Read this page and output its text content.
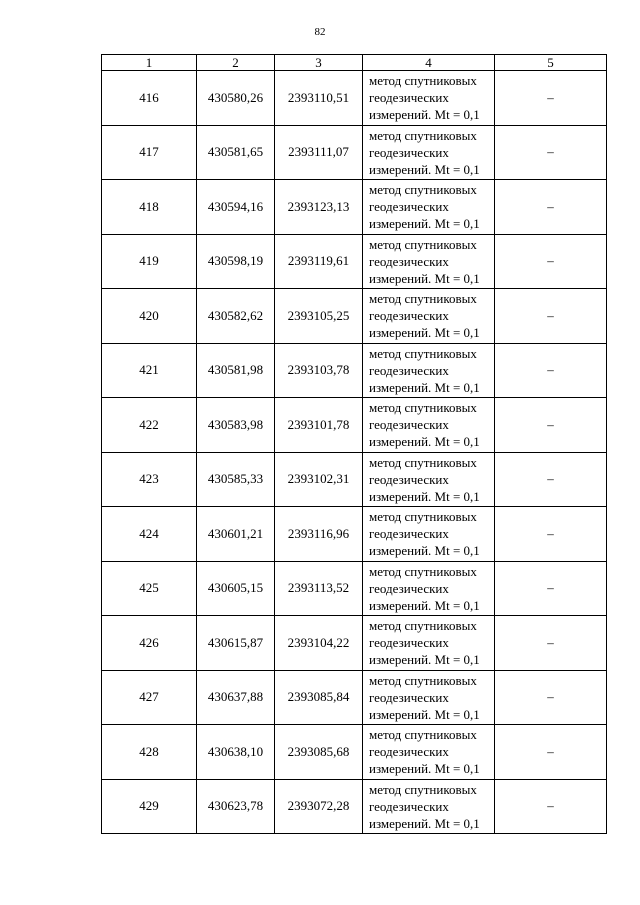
82
1	2	3	4	5
416	430580,26	2393110,51	метод спутниковых
геодезических
измерений. Mt = 0,1	–
417	430581,65	2393111,07	метод спутниковых
геодезических
измерений. Mt = 0,1	–
418	430594,16	2393123,13	метод спутниковых
геодезических
измерений. Mt = 0,1	–
419	430598,19	2393119,61	метод спутниковых
геодезических
измерений. Mt = 0,1	–
420	430582,62	2393105,25	метод спутниковых
геодезических
измерений. Mt = 0,1	–
421	430581,98	2393103,78	метод спутниковых
геодезических
измерений. Mt = 0,1	–
422	430583,98	2393101,78	метод спутниковых
геодезических
измерений. Mt = 0,1	–
423	430585,33	2393102,31	метод спутниковых
геодезических
измерений. Mt = 0,1	–
424	430601,21	2393116,96	метод спутниковых
геодезических
измерений. Mt = 0,1	–
425	430605,15	2393113,52	метод спутниковых
геодезических
измерений. Mt = 0,1	–
426	430615,87	2393104,22	метод спутниковых
геодезических
измерений. Mt = 0,1	–
427	430637,88	2393085,84	метод спутниковых
геодезических
измерений. Mt = 0,1	–
428	430638,10	2393085,68	метод спутниковых
геодезических
измерений. Mt = 0,1	–
429	430623,78	2393072,28	метод спутниковых
геодезических
измерений. Mt = 0,1	–
